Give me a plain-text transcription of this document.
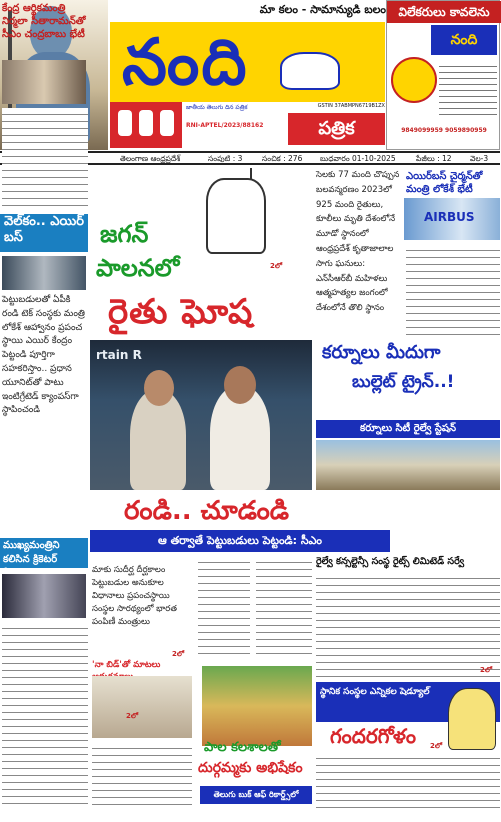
మా కలం - సామాన్యుడి బలం
నంది
జాతీయ తెలుగు దిన పత్రిక
RNI-APTEL/2023/88162
GSTIN 37ABMPN6719B1ZX
పత్రిక
విలేకరులు కావలెను
నంది
9849099959 9059890959
తెలంగాణ ఆంధ్రప్రదేశ్	సంపుటి : 3	సంచిక : 276 బుధవారం 01-10-2025	పేజీలు : 12 వెల-3
కేంద్ర ఆర్థికమంత్రి నిర్మలా సీతారామన్‌తో సీఎం చంద్రబాబు భేటీ
వెల్‌కం.. ఎయిర్ బస్
పెట్టుబడులతో ఏపీకి రండి టెక్ సంస్థకు మంత్రి లోకేశ్ ఆహ్వానం ప్రపంచ స్థాయి ఎయిర్ కేంద్రం పెట్టండి పూర్తిగా సహకరిస్తాం.. ప్రధాన యూనిట్‌తో పాటు ఇంటిగ్రేటెడ్ క్యాంపస్‌గా స్థాపించండి
ముఖ్యమంత్రిని కలిసిన క్రికెటర్
జగన్
పాలనలో
రైతు ఘోష
2లో
సెలకు 77 మంది చొప్పున బలవన్మరణం 2023లో 925 మంది రైతులు, కూలీలు మృతి దేశంలోనే మూడో స్థానంలో ఆంధ్రప్రదేశ్ కృతాజాలాల సాగు ఘనులు: ఎన్‌సీఆర్‌బీ మహిళలు ఆత్మహత్యల జంగంలో దేశంలోనే తొలి స్థానం
ఎయిర్‌బస్ చైర్మన్‌తో మంత్రి లోకేశ్ భేటీ
AIRBUS
rtain R	కర్నూలు మీదుగా
బుల్లెట్ ట్రైన్..!
కర్నూలు సిటీ రైల్వే స్టేషన్
రండి.. చూడండి
ఆ తర్వాతే పెట్టుబడులు పెట్టండి: సీఎం
రైల్వే కన్సల్టెన్సీ సంస్థ రైట్స్ లిమిటెడ్ సర్వే
మాకు సుదీర్ఘ దీర్ఘకాలం పెట్టుబడుల అనుకూల విధానాలు ప్రపంచస్థాయి సంస్థల సారథ్యంలో భారత పంపిణీ మంత్రులు
2లో
2లో
'నా బిడ్'తో మాటలు
2లో
పాల కలశాలతో
దుర్గమ్మకు అభిషేకం
తెలుగు బుక్ ఆఫ్ రికార్డ్స్‌లో నమోదు
స్థానిక సంస్థల ఎన్నికల షెడ్యూల్
గందరగోళం 2లో
